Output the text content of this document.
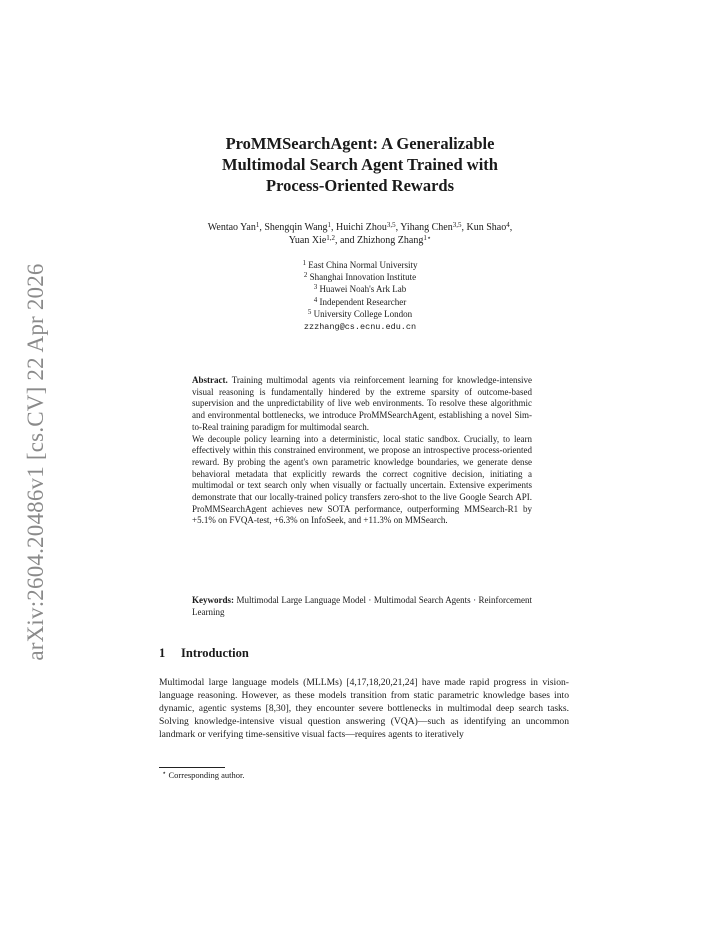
arXiv:2604.20486v1 [cs.CV] 22 Apr 2026
ProMMSearchAgent: A Generalizable
Multimodal Search Agent Trained with
Process-Oriented Rewards
Wentao Yan$^1$, Shengqin Wang$^1$, Huichi Zhou$^{3,5}$, Yihang Chen$^{3,5}$, Kun Shao$^4$,
Yuan Xie$^{1,2}$, and Zhizhong Zhang$^{1⋆}$
$^1$ East China Normal University
$^2$ Shanghai Innovation Institute
$^3$ Huawei Noah's Ark Lab
$^4$ Independent Researcher
$^5$ University College London
zzzhang@cs.ecnu.edu.cn

Abstract. Training multimodal agents via reinforcement learning for knowledge-intensive visual reasoning is fundamentally hindered by the extreme sparsity of outcome-based supervision and the unpredictability of live web environments. To resolve these algorithmic and environmental bottlenecks, we introduce ProMMSearchAgent, establishing a novel Sim-to-Real training paradigm for multimodal search.

We decouple policy learning into a deterministic, local static sandbox. Crucially, to learn effectively within this constrained environment, we propose an introspective process-oriented reward. By probing the agent's own parametric knowledge boundaries, we generate dense behavioral metadata that explicitly rewards the correct cognitive decision, initiating a multimodal or text search only when visually or factually uncertain. Extensive experiments demonstrate that our locally-trained policy transfers zero-shot to the live Google Search API. ProMMSearchAgent achieves new SOTA performance, outperforming MMSearch-R1 by +5.1% on FVQA-test, +6.3% on InfoSeek, and +11.3% on MMSearch.

Keywords: Multimodal Large Language Model · Multimodal Search Agents · Reinforcement Learning
1 Introduction

Multimodal large language models (MLLMs) [4,17,18,20,21,24] have made rapid progress in vision-language reasoning. However, as these models transition from static parametric knowledge bases into dynamic, agentic systems [8,30], they encounter severe bottlenecks in multimodal deep search tasks. Solving knowledge-intensive visual question answering (VQA)—such as identifying an uncommon landmark or verifying time-sensitive visual facts—requires agents to iteratively

⋆ Corresponding author.
